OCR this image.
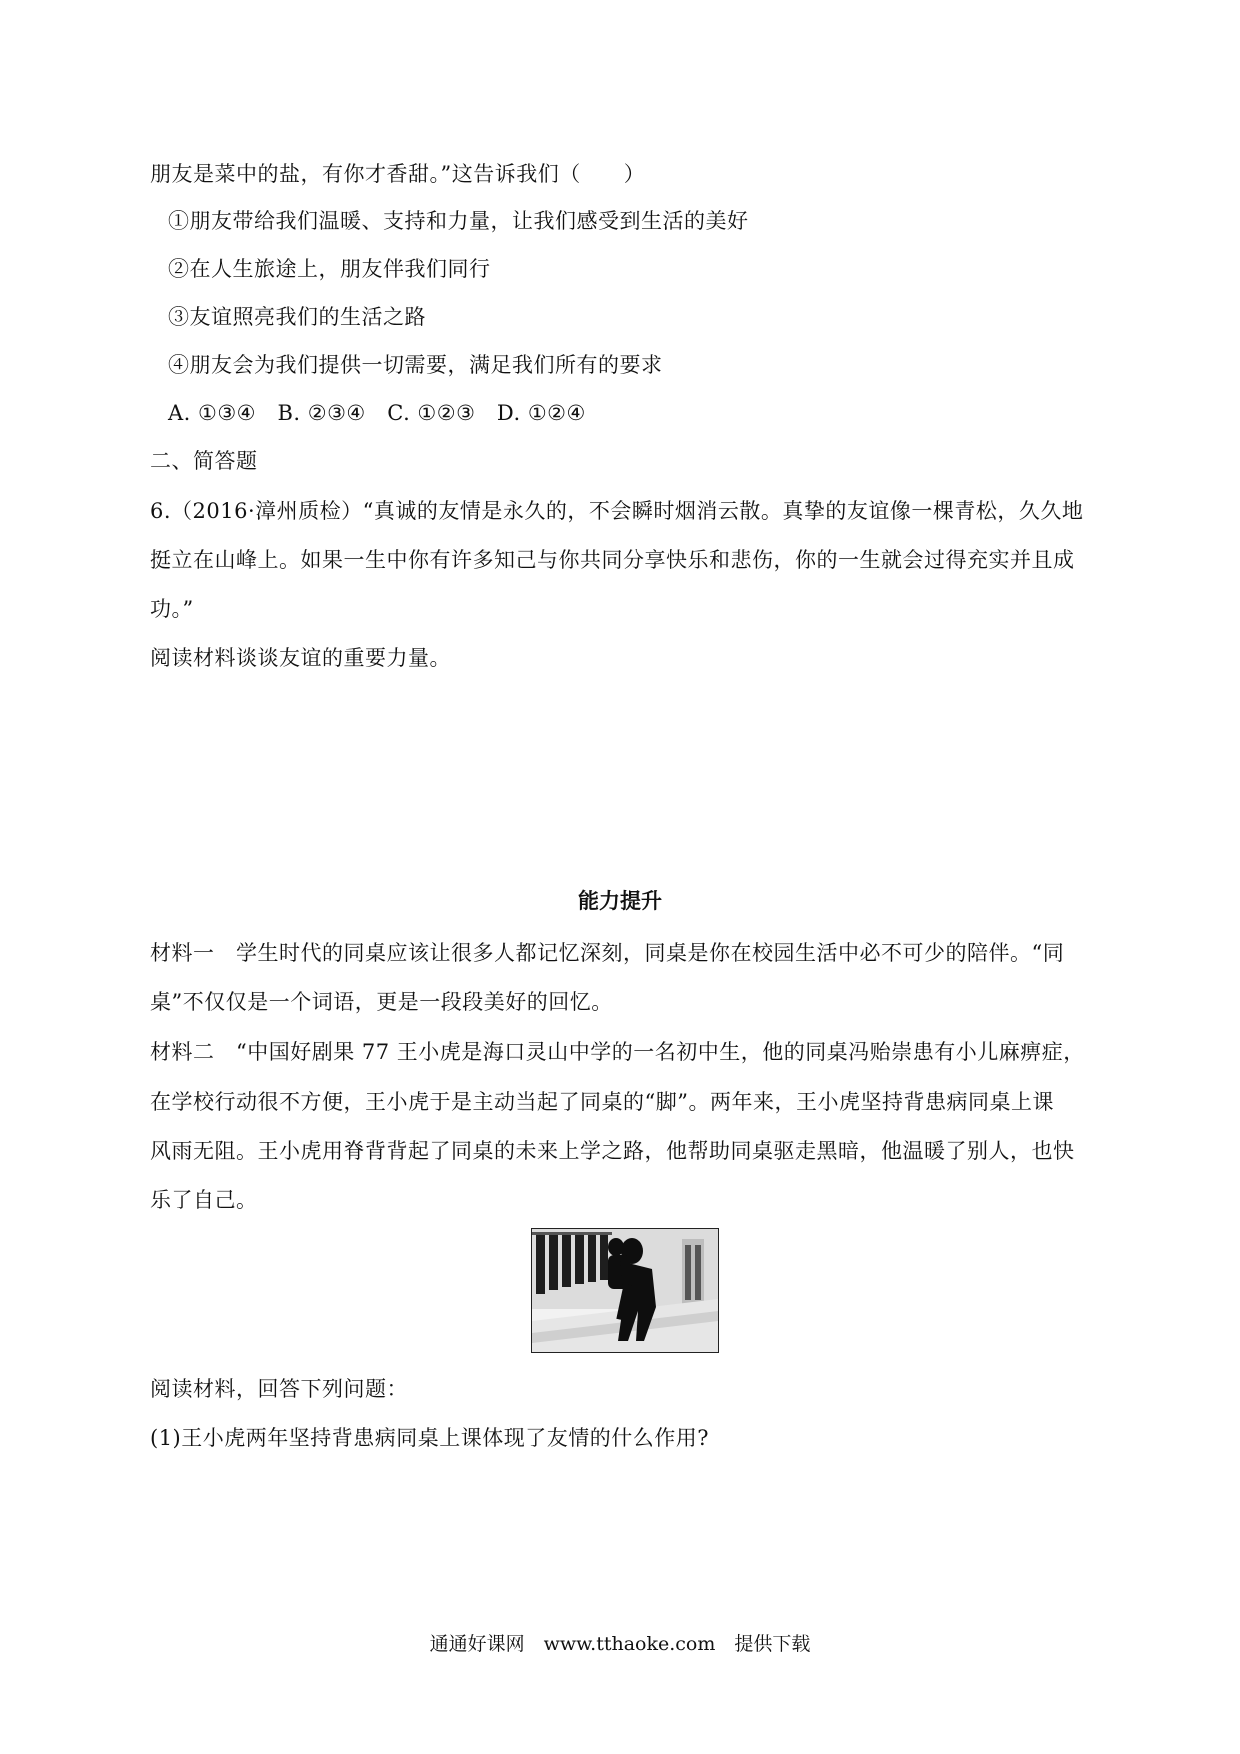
朋友是菜中的盐，有你才香甜。”这告诉我们（　　）
①朋友带给我们温暖、支持和力量，让我们感受到生活的美好
②在人生旅途上，朋友伴我们同行
③友谊照亮我们的生活之路
④朋友会为我们提供一切需要，满足我们所有的要求
A. ①③④　B. ②③④　C. ①②③　D. ①②④
二、简答题
6.（2016·漳州质检）“真诚的友情是永久的，不会瞬时烟消云散。真挚的友谊像一棵青松，久久地
挺立在山峰上。如果一生中你有许多知己与你共同分享快乐和悲伤，你的一生就会过得充实并且成
功。”
阅读材料谈谈友谊的重要力量。
能力提升
材料一　学生时代的同桌应该让很多人都记忆深刻，同桌是你在校园生活中必不可少的陪伴。“同
桌”不仅仅是一个词语，更是一段段美好的回忆。
材料二　“中国好剧果 77 王小虎是海口灵山中学的一名初中生，他的同桌冯贻崇患有小儿麻痹症，
在学校行动很不方便，王小虎于是主动当起了同桌的“脚”。两年来，王小虎坚持背患病同桌上课
风雨无阻。王小虎用脊背背起了同桌的未来上学之路，他帮助同桌驱走黑暗，他温暖了别人，也快
乐了自己。
阅读材料，回答下列问题：
(1)王小虎两年坚持背患病同桌上课体现了友情的什么作用?
通通好课网　www.tthaoke.com　提供下载
